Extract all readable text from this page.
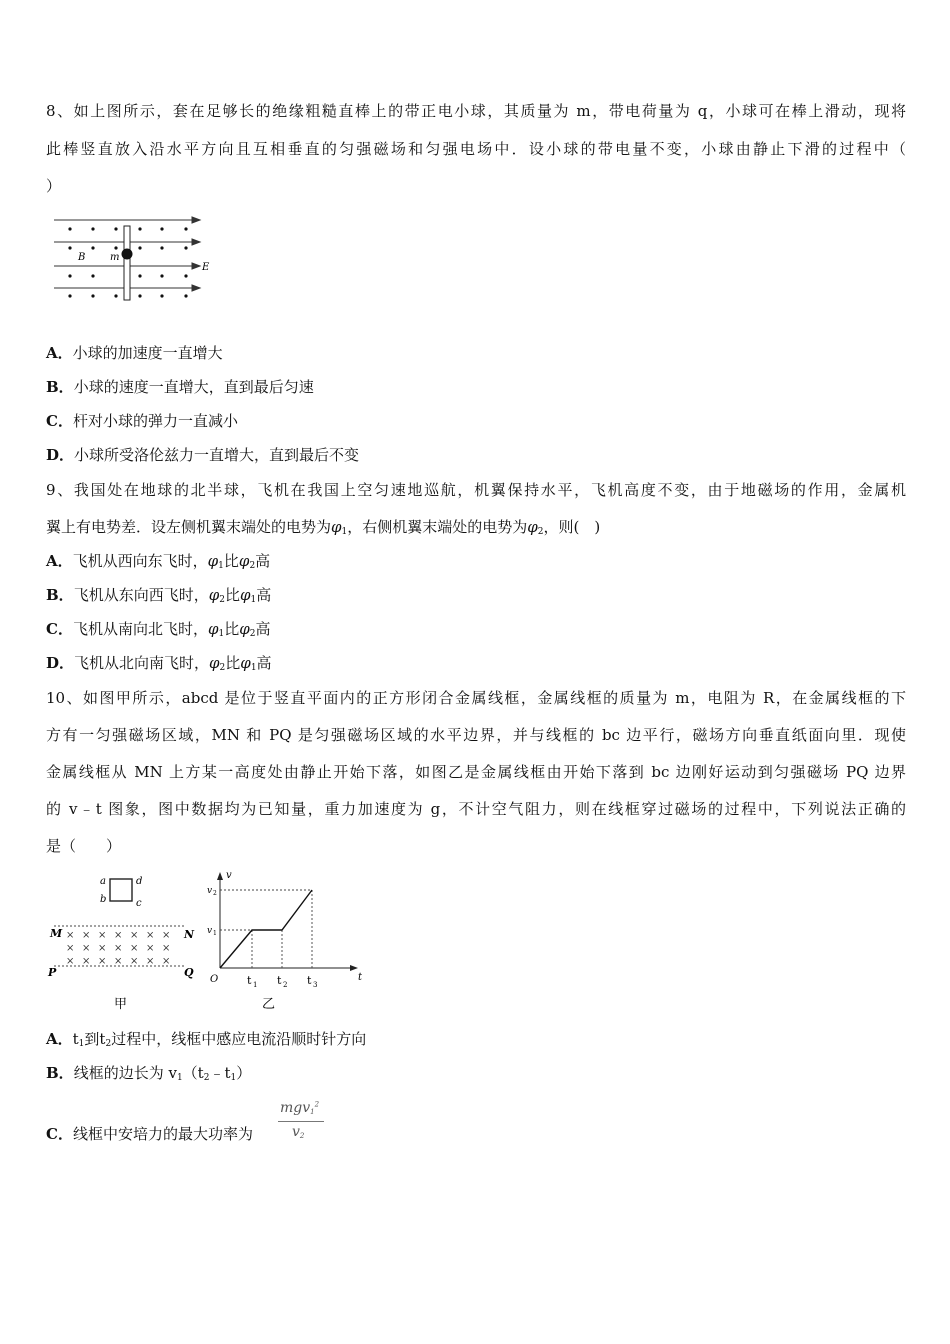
8、如上图所示，套在足够长的绝缘粗糙直棒上的带正电小球，其质量为 m，带电荷量为 q，小球可在棒上滑动，现将
此棒竖直放入沿水平方向且互相垂直的匀强磁场和匀强电场中．设小球的带电量不变，小球由静止下滑的过程中（
）
B m
E
A．小球的加速度一直增大
B．小球的速度一直增大，直到最后匀速
C．杆对小球的弹力一直减小
D．小球所受洛伦兹力一直增大，直到最后不变
9、我国处在地球的北半球，飞机在我国上空匀速地巡航，机翼保持水平，飞机高度不变，由于地磁场的作用，金属机
翼上有电势差．设左侧机翼末端处的电势为$\varphi_1$，右侧机翼末端处的电势为$\varphi_2$，则(　)
A．飞机从西向东飞时，$\varphi_1$比$\varphi_2$高
B．飞机从东向西飞时，$\varphi_2$比$\varphi_1$高
C．飞机从南向北飞时，$\varphi_1$比$\varphi_2$高
D．飞机从北向南飞时，$\varphi_2$比$\varphi_1$高
10、如图甲所示，abcd 是位于竖直平面内的正方形闭合金属线框，金属线框的质量为 m，电阻为 R，在金属线框的下
方有一匀强磁场区域，MN 和 PQ 是匀强磁场区域的水平边界，并与线框的 bc 边平行，磁场方向垂直纸面向里．现使
金属线框从 MN 上方某一高度处由静止开始下落，如图乙是金属线框由开始下落到 bc 边刚好运动到匀强磁场 PQ 边界
的 v﹣t 图象，图中数据均为已知量，重力加速度为 g，不计空气阻力，则在线框穿过磁场的过程中，下列说法正确的
是（　　）
a
b	c
d
M	N
P	Q
× × × × × × ×
× × × × × × ×
× × × × × × ×
甲
v
t
O
v 2
v 1
t 1 t 2 t 3
乙
A．$t_1$到$t_2$过程中，线框中感应电流沿顺时针方向
B．线框的边长为 $v_1(t_2﹣t_1)$
C．线框中安培力的最大功率为
mgv$_1^2$
$v_2$
